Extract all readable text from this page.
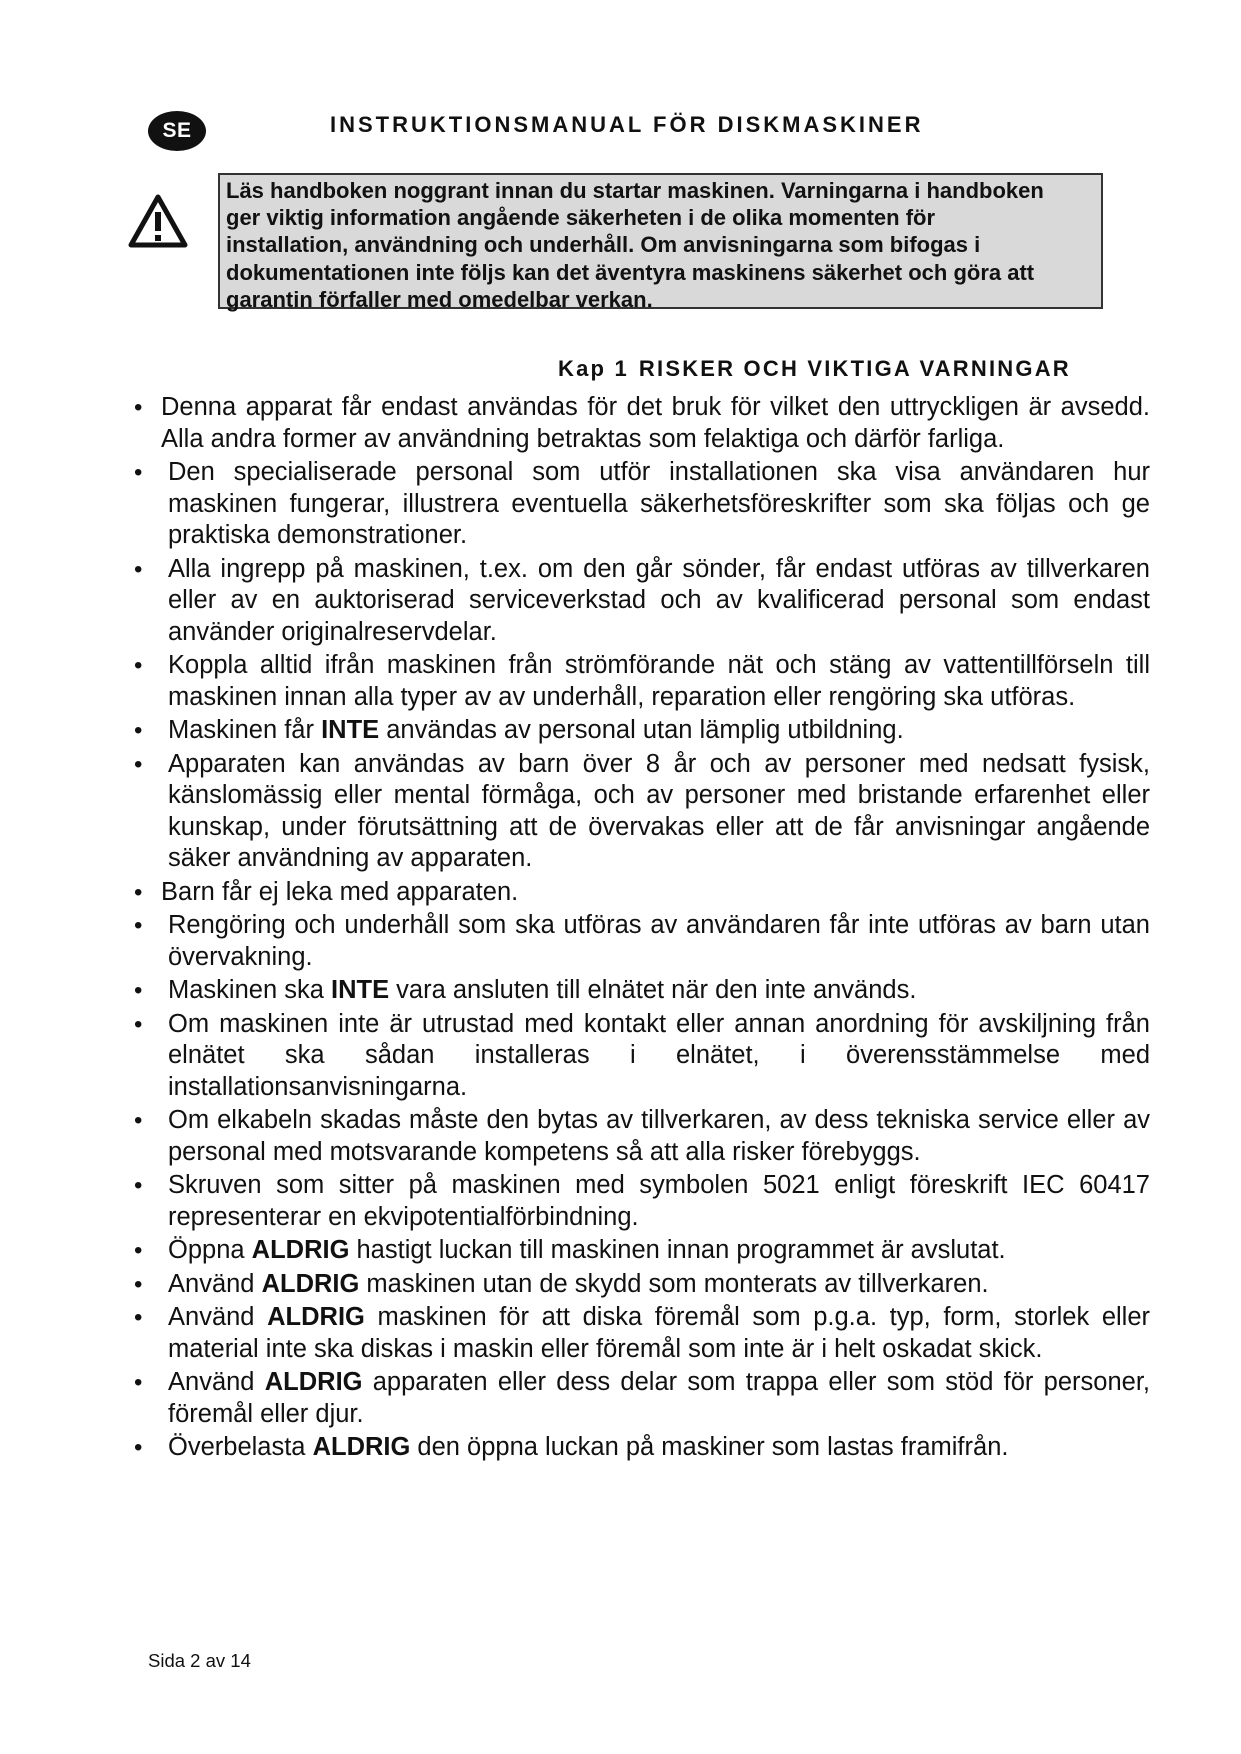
SE	INSTRUKTIONSMANUAL FÖR DISKMASKINER
Läs handboken noggrant innan du startar maskinen. Varningarna i handboken
ger viktig information angående säkerheten i de olika momenten för
installation, användning och underhåll. Om anvisningarna som bifogas i
dokumentationen inte följs kan det äventyra maskinens säkerhet och göra att
garantin förfaller med omedelbar verkan.
Kap 1 RISKER OCH VIKTIGA VARNINGAR
• Denna apparat får endast användas för det bruk för vilket den uttryckligen är avsedd. Alla andra former av användning betraktas som felaktiga och därför farliga.
• Den specialiserade personal som utför installationen ska visa användaren hur maskinen fungerar, illustrera eventuella säkerhetsföreskrifter som ska följas och ge praktiska demonstrationer.
• Alla ingrepp på maskinen, t.ex. om den går sönder, får endast utföras av tillverkaren eller av en auktoriserad serviceverkstad och av kvalificerad personal som endast använder originalreservdelar.
• Koppla alltid ifrån maskinen från strömförande nät och stäng av vattentillförseln till maskinen innan alla typer av av underhåll, reparation eller rengöring ska utföras.
• Maskinen får INTE användas av personal utan lämplig utbildning.
• Apparaten kan användas av barn över 8 år och av personer med nedsatt fysisk, känslomässig eller mental förmåga, och av personer med bristande erfarenhet eller kunskap, under förutsättning att de övervakas eller att de får anvisningar angående säker användning av apparaten.
• Barn får ej leka med apparaten.
• Rengöring och underhåll som ska utföras av användaren får inte utföras av barn utan övervakning.
• Maskinen ska INTE vara ansluten till elnätet när den inte används.
• Om maskinen inte är utrustad med kontakt eller annan anordning för avskiljning från elnätet ska sådan installeras i elnätet, i överensstämmelse med installationsanvisningarna.
• Om elkabeln skadas måste den bytas av tillverkaren, av dess tekniska service eller av personal med motsvarande kompetens så att alla risker förebyggs.
• Skruven som sitter på maskinen med symbolen 5021 enligt föreskrift IEC 60417 representerar en ekvipotentialförbindning.
• Öppna ALDRIG hastigt luckan till maskinen innan programmet är avslutat.
• Använd ALDRIG maskinen utan de skydd som monterats av tillverkaren.
• Använd ALDRIG maskinen för att diska föremål som p.g.a. typ, form, storlek eller material inte ska diskas i maskin eller föremål som inte är i helt oskadat skick.
• Använd ALDRIG apparaten eller dess delar som trappa eller som stöd för personer, föremål eller djur.
• Överbelasta ALDRIG den öppna luckan på maskiner som lastas framifrån.
Sida 2 av 14
